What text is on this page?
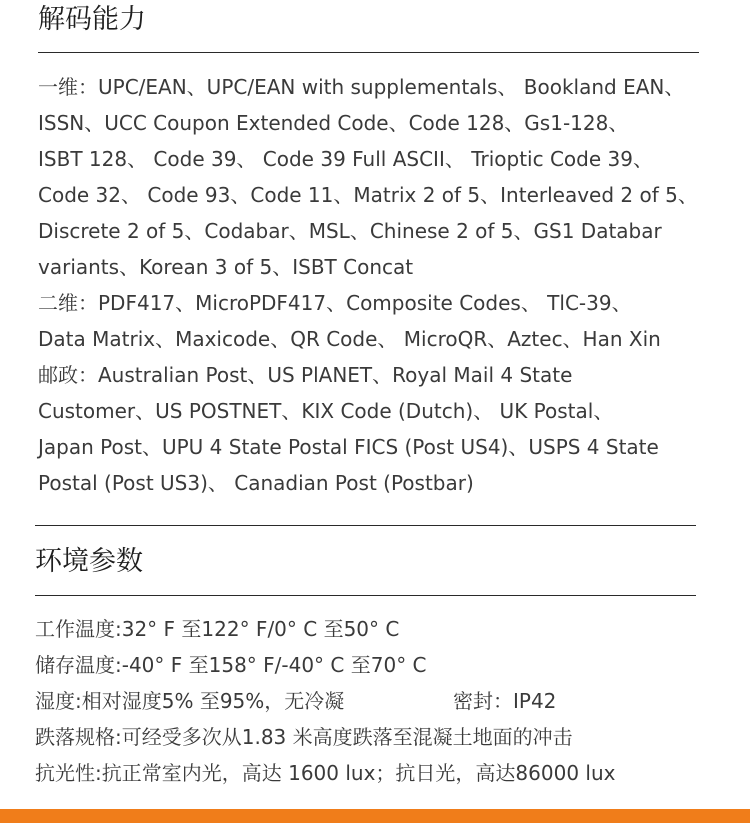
解码能力
一维：UPC/EAN、UPC/EAN with supplementals、 Bookland EAN、
ISSN、UCC Coupon Extended Code、Code 128、Gs1-128、
ISBT 128、 Code 39、 Code 39 Full ASCII、 Trioptic Code 39、
Code 32、 Code 93、Code 11、Matrix 2 of 5、Interleaved 2 of 5、
Discrete 2 of 5、Codabar、MSL、Chinese 2 of 5、GS1 Databar
variants、Korean 3 of 5、ISBT Concat
二维：PDF417、MicroPDF417、Composite Codes、 TlC-39、
Data Matrix、Maxicode、QR Code、 MicroQR、Aztec、Han Xin
邮政：Australian Post、US PlANET、Royal Mail 4 State
Customer、US POSTNET、KIX Code (Dutch)、 UK Postal、
Japan Post、UPU 4 State Postal FICS (Post US4)、USPS 4 State
Postal (Post US3)、 Canadian Post (Postbar)
环境参数
工作温度:32° F 至122° F/0° C 至50° C
储存温度:-40° F 至158° F/-40° C 至70° C
湿度:相对湿度5% 至95%，无冷凝	密封：IP42
跌落规格:可经受多次从1.83 米高度跌落至混凝土地面的冲击
抗光性:抗正常室内光，高达 1600 lux；抗日光，高达86000 lux
